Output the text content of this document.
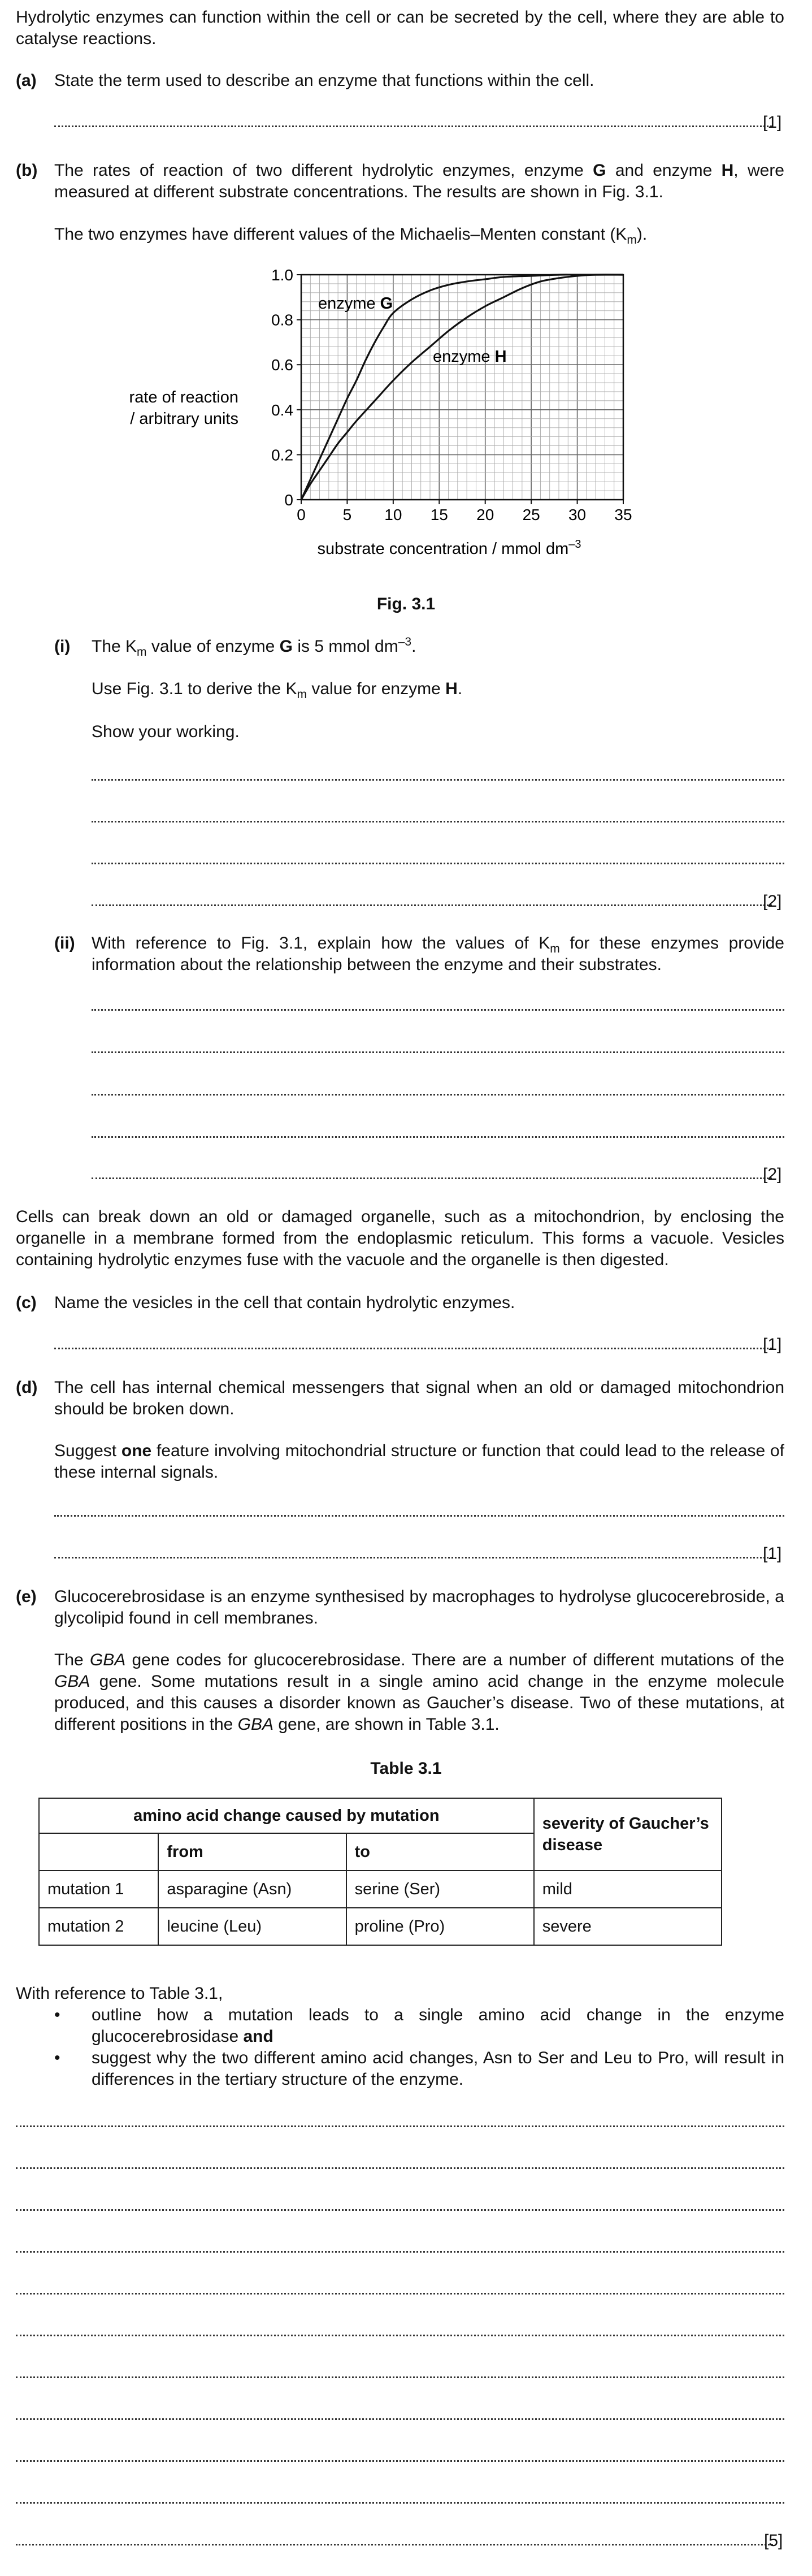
Hydrolytic enzymes can function within the cell or can be secreted by the cell, where they are able to catalyse reactions.
(a) State the term used to describe an enzyme that functions within the cell.
[1]
(b) The rates of reaction of two different hydrolytic enzymes, enzyme G and enzyme H, were measured at different substrate concentrations. The results are shown in Fig. 3.1.
The two enzymes have different values of the Michaelis–Menten constant $(K_m)$.
0 5 10 15 20 25 30 35
0
0.2
0.4
0.6
0.8
1.0
rate of reaction
/ arbitrary units
substrate concentration / mmol $dm^{-3}$
enzyme G
enzyme H
Fig. 3.1
(i) The $K_m$ value of enzyme G is 5 mmol $dm^{-3}$.
Use Fig. 3.1 to derive the $K_m$ value for enzyme H.
Show your working.
[2]
(ii) With reference to Fig. 3.1, explain how the values of $K_m$ for these enzymes provide information about the relationship between the enzyme and their substrates.
[2]
Cells can break down an old or damaged organelle, such as a mitochondrion, by enclosing the organelle in a membrane formed from the endoplasmic reticulum. This forms a vacuole. Vesicles containing hydrolytic enzymes fuse with the vacuole and the organelle is then digested.
(c) Name the vesicles in the cell that contain hydrolytic enzymes.
[1]
(d) The cell has internal chemical messengers that signal when an old or damaged mitochondrion should be broken down.
Suggest one feature involving mitochondrial structure or function that could lead to the release of these internal signals.
[1]
(e) Glucocerebrosidase is an enzyme synthesised by macrophages to hydrolyse glucocerebroside, a glycolipid found in cell membranes.
The GBA gene codes for glucocerebrosidase. There are a number of different mutations of the GBA gene. Some mutations result in a single amino acid change in the enzyme molecule produced, and this causes a disorder known as Gaucher’s disease. Two of these mutations, at different positions in the GBA gene, are shown in Table 3.1.
Table 3.1
amino acid change caused by mutation			severity of Gaucher’s disease
	from	to	
mutation 1	asparagine (Asn)	serine (Ser)	mild
mutation 2	leucine (Leu)	proline (Pro)	severe
With reference to Table 3.1,
• outline how a mutation leads to a single amino acid change in the enzyme glucocerebrosidase and
• suggest why the two different amino acid changes, Asn to Ser and Leu to Pro, will result in differences in the tertiary structure of the enzyme.
[5]
